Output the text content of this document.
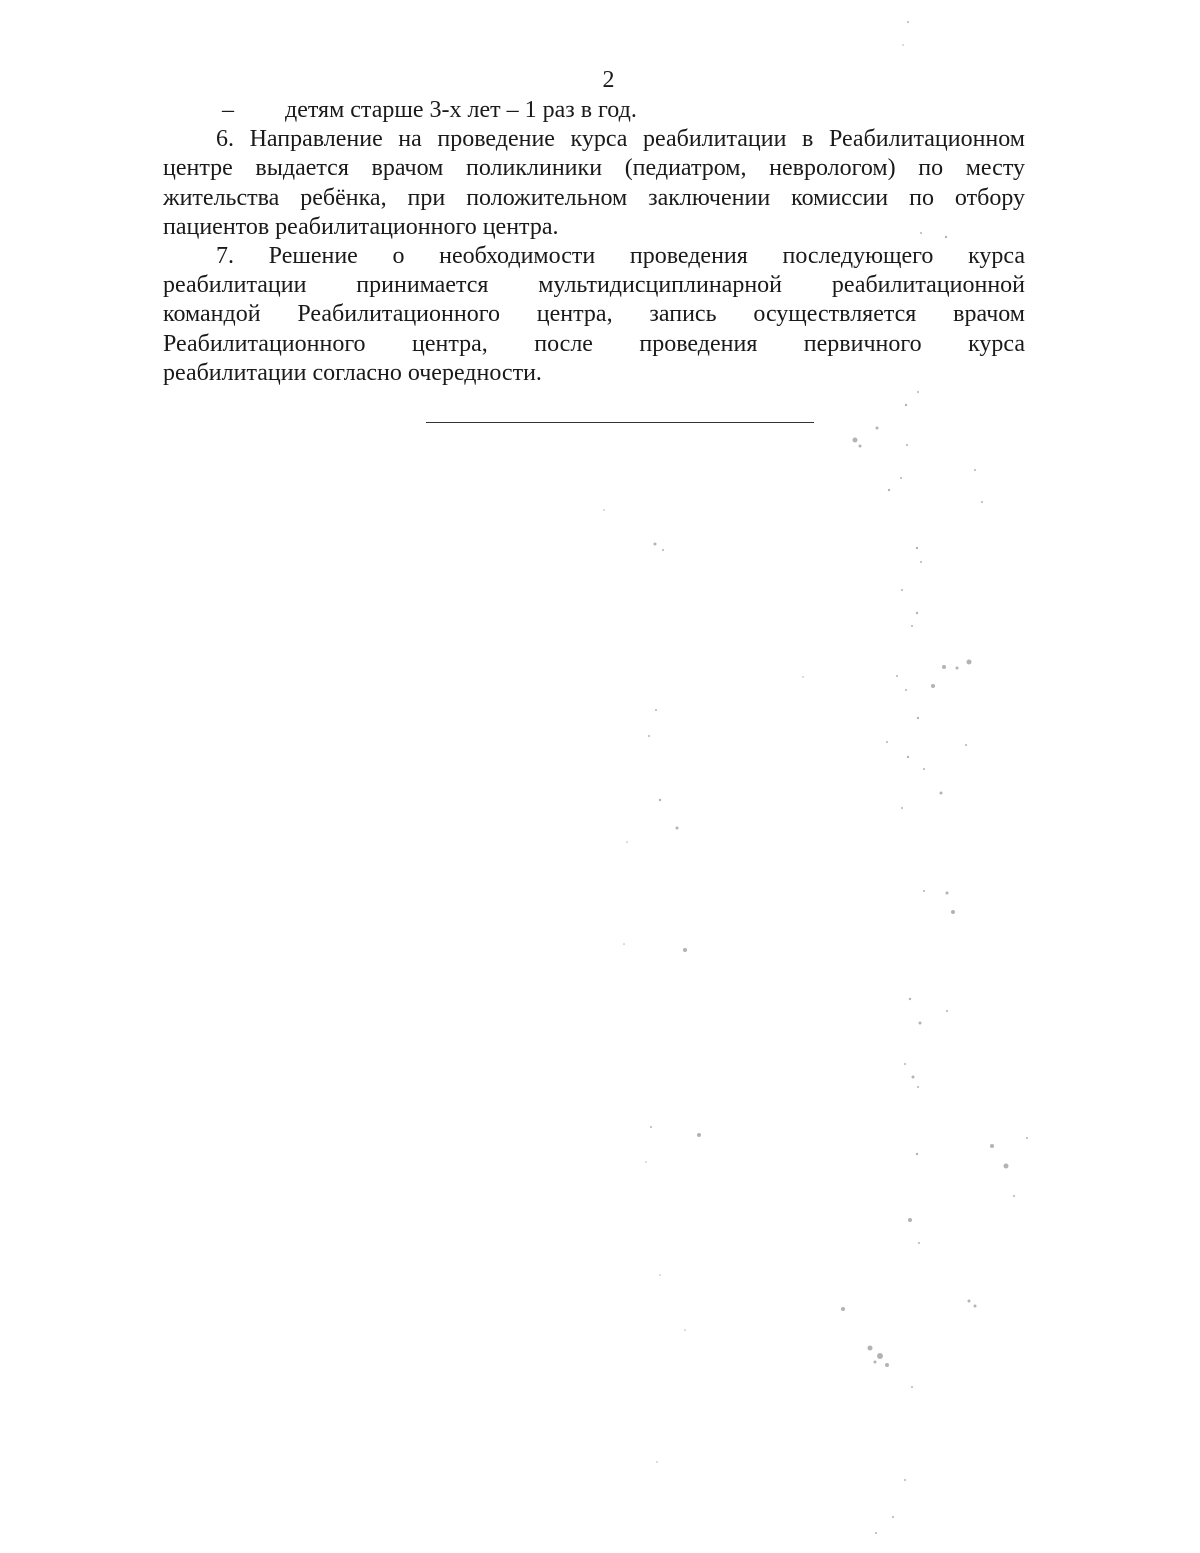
2
– детям старше 3-х лет – 1 раз в год.
6. Направление на проведение курса реабилитации в Реабилитационном
центре выдается врачом поликлиники (педиатром, неврологом) по месту
жительства ребёнка, при положительном заключении комиссии по отбору
пациентов реабилитационного центра.
7. Решение о необходимости проведения последующего курса
реабилитации принимается мультидисциплинарной реабилитационной
командой Реабилитационного центра, запись осуществляется врачом
Реабилитационного центра, после проведения первичного курса
реабилитации согласно очередности.
